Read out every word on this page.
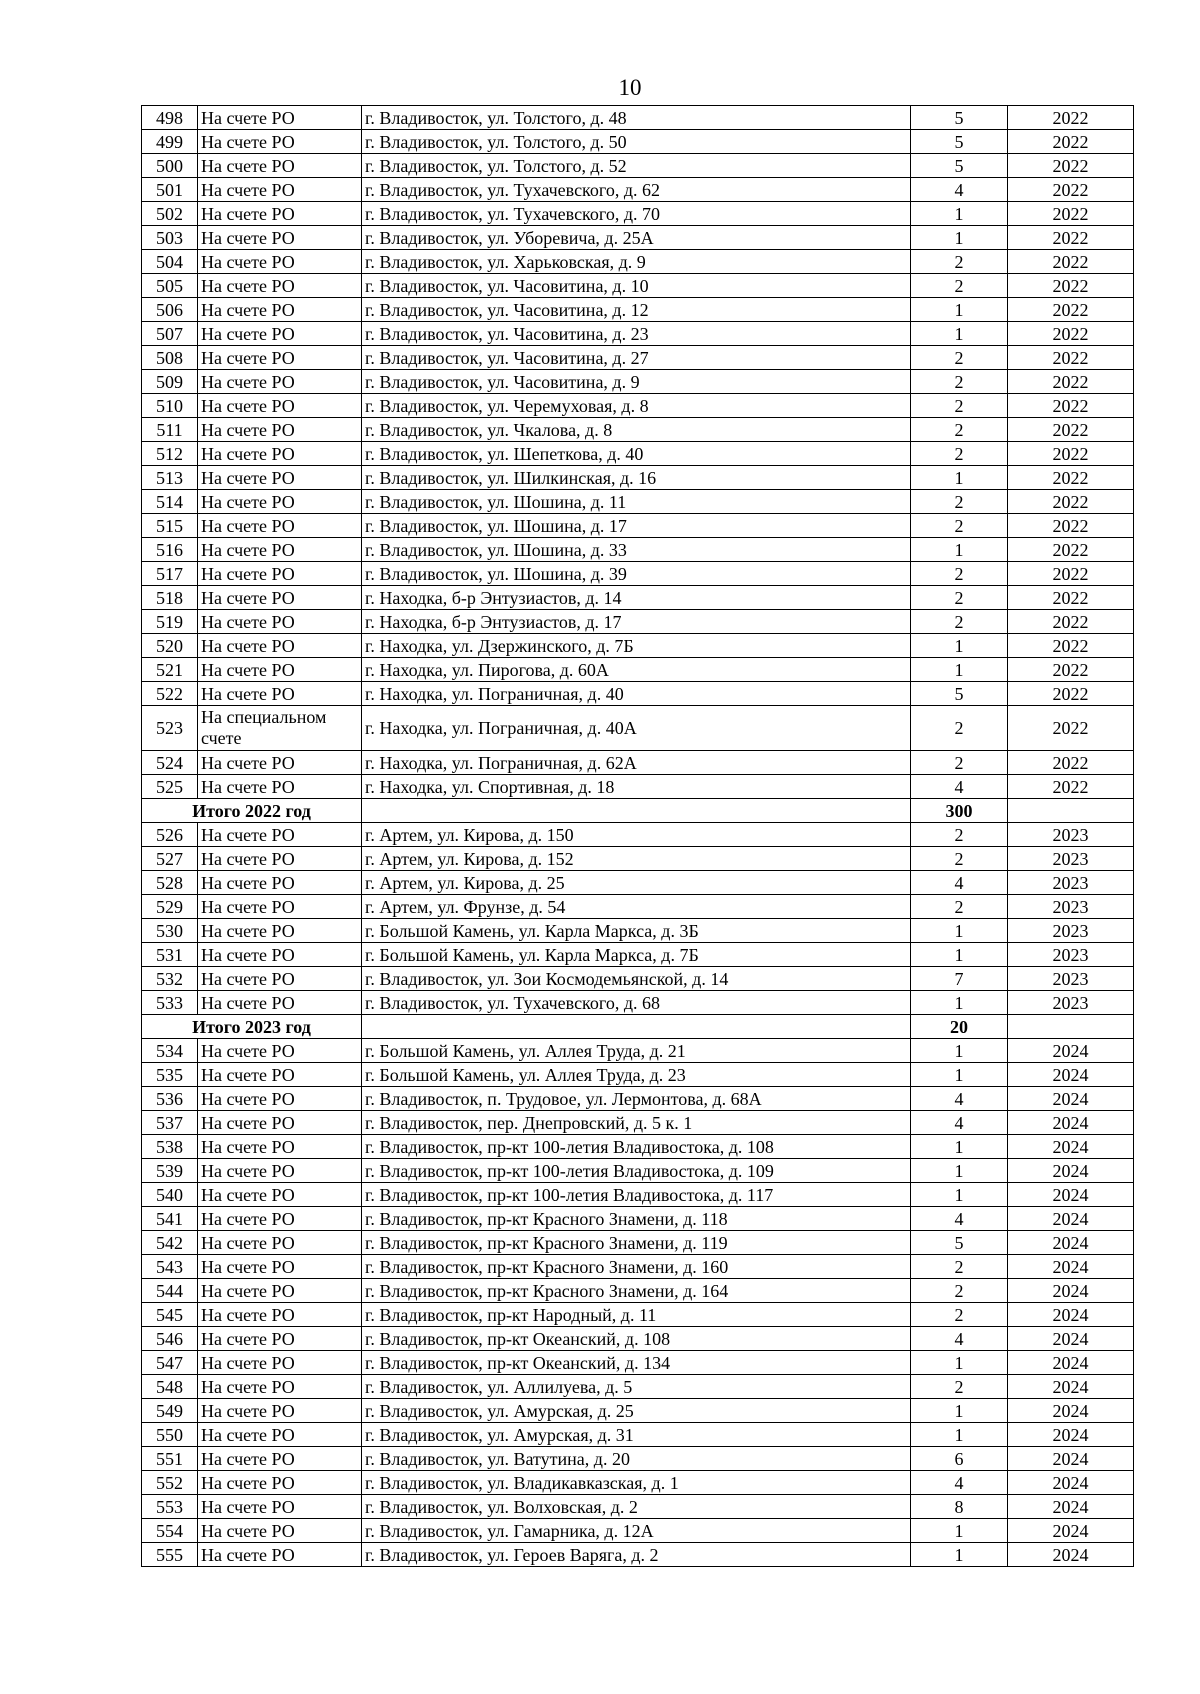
10
498	На счете РО	г. Владивосток, ул. Толстого, д. 48	5	2022
499	На счете РО	г. Владивосток, ул. Толстого, д. 50	5	2022
500	На счете РО	г. Владивосток, ул. Толстого, д. 52	5	2022
501	На счете РО	г. Владивосток, ул. Тухачевского, д. 62	4	2022
502	На счете РО	г. Владивосток, ул. Тухачевского, д. 70	1	2022
503	На счете РО	г. Владивосток, ул. Уборевича, д. 25А	1	2022
504	На счете РО	г. Владивосток, ул. Харьковская, д. 9	2	2022
505	На счете РО	г. Владивосток, ул. Часовитина, д. 10	2	2022
506	На счете РО	г. Владивосток, ул. Часовитина, д. 12	1	2022
507	На счете РО	г. Владивосток, ул. Часовитина, д. 23	1	2022
508	На счете РО	г. Владивосток, ул. Часовитина, д. 27	2	2022
509	На счете РО	г. Владивосток, ул. Часовитина, д. 9	2	2022
510	На счете РО	г. Владивосток, ул. Черемуховая, д. 8	2	2022
511	На счете РО	г. Владивосток, ул. Чкалова, д. 8	2	2022
512	На счете РО	г. Владивосток, ул. Шепеткова, д. 40	2	2022
513	На счете РО	г. Владивосток, ул. Шилкинская, д. 16	1	2022
514	На счете РО	г. Владивосток, ул. Шошина, д. 11	2	2022
515	На счете РО	г. Владивосток, ул. Шошина, д. 17	2	2022
516	На счете РО	г. Владивосток, ул. Шошина, д. 33	1	2022
517	На счете РО	г. Владивосток, ул. Шошина, д. 39	2	2022
518	На счете РО	г. Находка, б-р Энтузиастов, д. 14	2	2022
519	На счете РО	г. Находка, б-р Энтузиастов, д. 17	2	2022
520	На счете РО	г. Находка, ул. Дзержинского, д. 7Б	1	2022
521	На счете РО	г. Находка, ул. Пирогова, д. 60А	1	2022
522	На счете РО	г. Находка, ул. Пограничная, д. 40	5	2022
523	На специальном счете	г. Находка, ул. Пограничная, д. 40А	2	2022
524	На счете РО	г. Находка, ул. Пограничная, д. 62А	2	2022
525	На счете РО	г. Находка, ул. Спортивная, д. 18	4	2022
Итого 2022 год			300	
526	На счете РО	г. Артем, ул. Кирова, д. 150	2	2023
527	На счете РО	г. Артем, ул. Кирова, д. 152	2	2023
528	На счете РО	г. Артем, ул. Кирова, д. 25	4	2023
529	На счете РО	г. Артем, ул. Фрунзе, д. 54	2	2023
530	На счете РО	г. Большой Камень, ул. Карла Маркса, д. 3Б	1	2023
531	На счете РО	г. Большой Камень, ул. Карла Маркса, д. 7Б	1	2023
532	На счете РО	г. Владивосток, ул. Зои Космодемьянской, д. 14	7	2023
533	На счете РО	г. Владивосток, ул. Тухачевского, д. 68	1	2023
Итого 2023 год			20	
534	На счете РО	г. Большой Камень, ул. Аллея Труда, д. 21	1	2024
535	На счете РО	г. Большой Камень, ул. Аллея Труда, д. 23	1	2024
536	На счете РО	г. Владивосток, п. Трудовое, ул. Лермонтова, д. 68А	4	2024
537	На счете РО	г. Владивосток, пер. Днепровский, д. 5 к. 1	4	2024
538	На счете РО	г. Владивосток, пр-кт 100-летия Владивостока, д. 108	1	2024
539	На счете РО	г. Владивосток, пр-кт 100-летия Владивостока, д. 109	1	2024
540	На счете РО	г. Владивосток, пр-кт 100-летия Владивостока, д. 117	1	2024
541	На счете РО	г. Владивосток, пр-кт Красного Знамени, д. 118	4	2024
542	На счете РО	г. Владивосток, пр-кт Красного Знамени, д. 119	5	2024
543	На счете РО	г. Владивосток, пр-кт Красного Знамени, д. 160	2	2024
544	На счете РО	г. Владивосток, пр-кт Красного Знамени, д. 164	2	2024
545	На счете РО	г. Владивосток, пр-кт Народный, д. 11	2	2024
546	На счете РО	г. Владивосток, пр-кт Океанский, д. 108	4	2024
547	На счете РО	г. Владивосток, пр-кт Океанский, д. 134	1	2024
548	На счете РО	г. Владивосток, ул. Аллилуева, д. 5	2	2024
549	На счете РО	г. Владивосток, ул. Амурская, д. 25	1	2024
550	На счете РО	г. Владивосток, ул. Амурская, д. 31	1	2024
551	На счете РО	г. Владивосток, ул. Ватутина, д. 20	6	2024
552	На счете РО	г. Владивосток, ул. Владикавказская, д. 1	4	2024
553	На счете РО	г. Владивосток, ул. Волховская, д. 2	8	2024
554	На счете РО	г. Владивосток, ул. Гамарника, д. 12А	1	2024
555	На счете РО	г. Владивосток, ул. Героев Варяга, д. 2	1	2024
